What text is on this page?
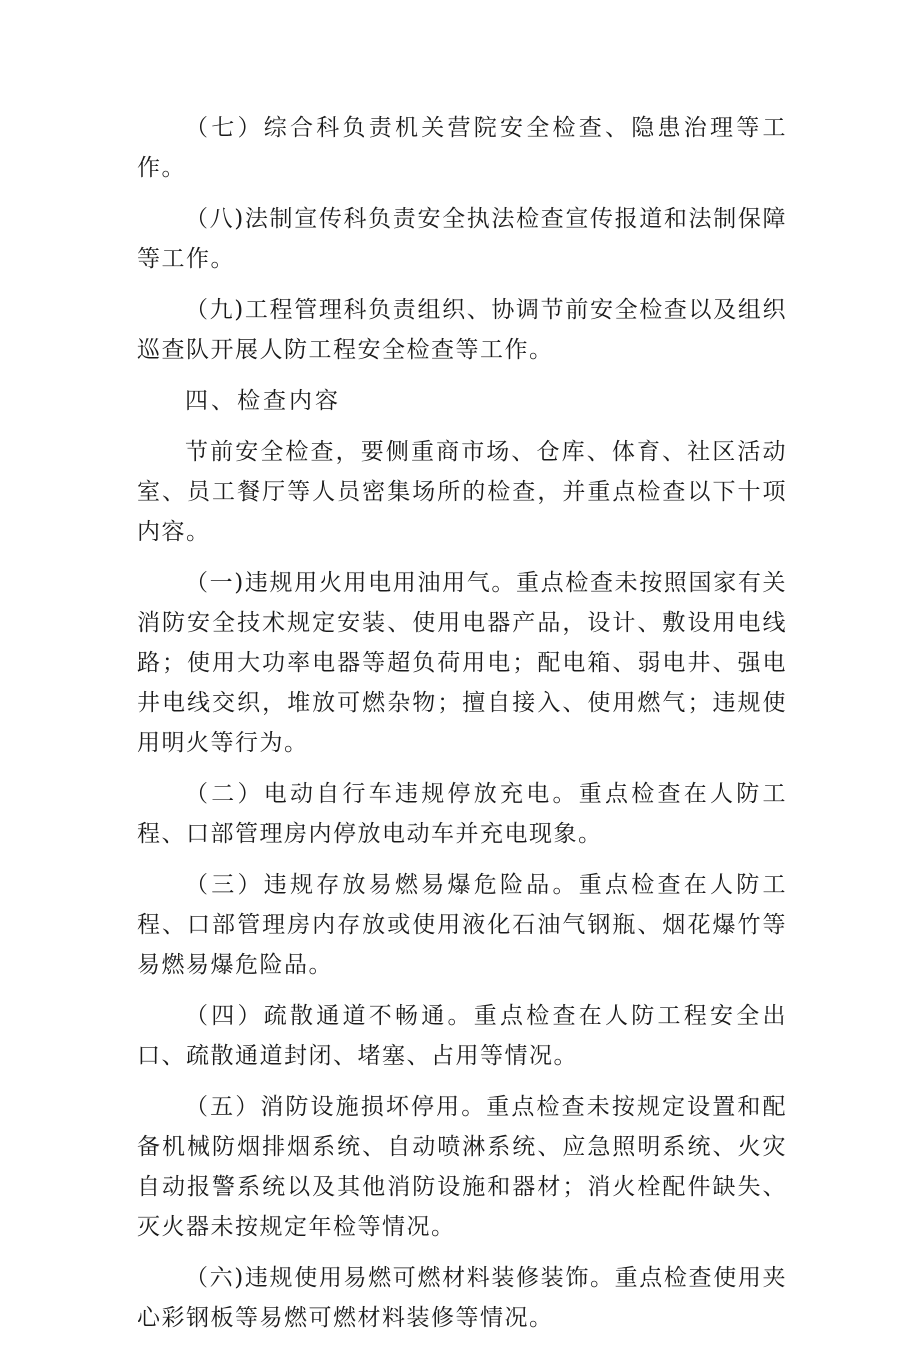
（七）综合科负责机关营院安全检查、隐患治理等工作。

（八)法制宣传科负责安全执法检查宣传报道和法制保障等工作。

（九)工程管理科负责组织、协调节前安全检查以及组织巡查队开展人防工程安全检查等工作。

四、检查内容

节前安全检查，要侧重商市场、仓库、体育、社区活动室、员工餐厅等人员密集场所的检查，并重点检查以下十项内容。

（一)违规用火用电用油用气。重点检查未按照国家有关消防安全技术规定安装、使用电器产品，设计、敷设用电线路；使用大功率电器等超负荷用电；配电箱、弱电井、强电井电线交织，堆放可燃杂物；擅自接入、使用燃气；违规使用明火等行为。

（二）电动自行车违规停放充电。重点检查在人防工程、口部管理房内停放电动车并充电现象。

（三）违规存放易燃易爆危险品。重点检查在人防工程、口部管理房内存放或使用液化石油气钢瓶、烟花爆竹等易燃易爆危险品。

（四）疏散通道不畅通。重点检查在人防工程安全出口、疏散通道封闭、堵塞、占用等情况。

（五）消防设施损坏停用。重点检查未按规定设置和配备机械防烟排烟系统、自动喷淋系统、应急照明系统、火灾自动报警系统以及其他消防设施和器材；消火栓配件缺失、灭火器未按规定年检等情况。

（六)违规使用易燃可燃材料装修装饰。重点检查使用夹心彩钢板等易燃可燃材料装修等情况。
